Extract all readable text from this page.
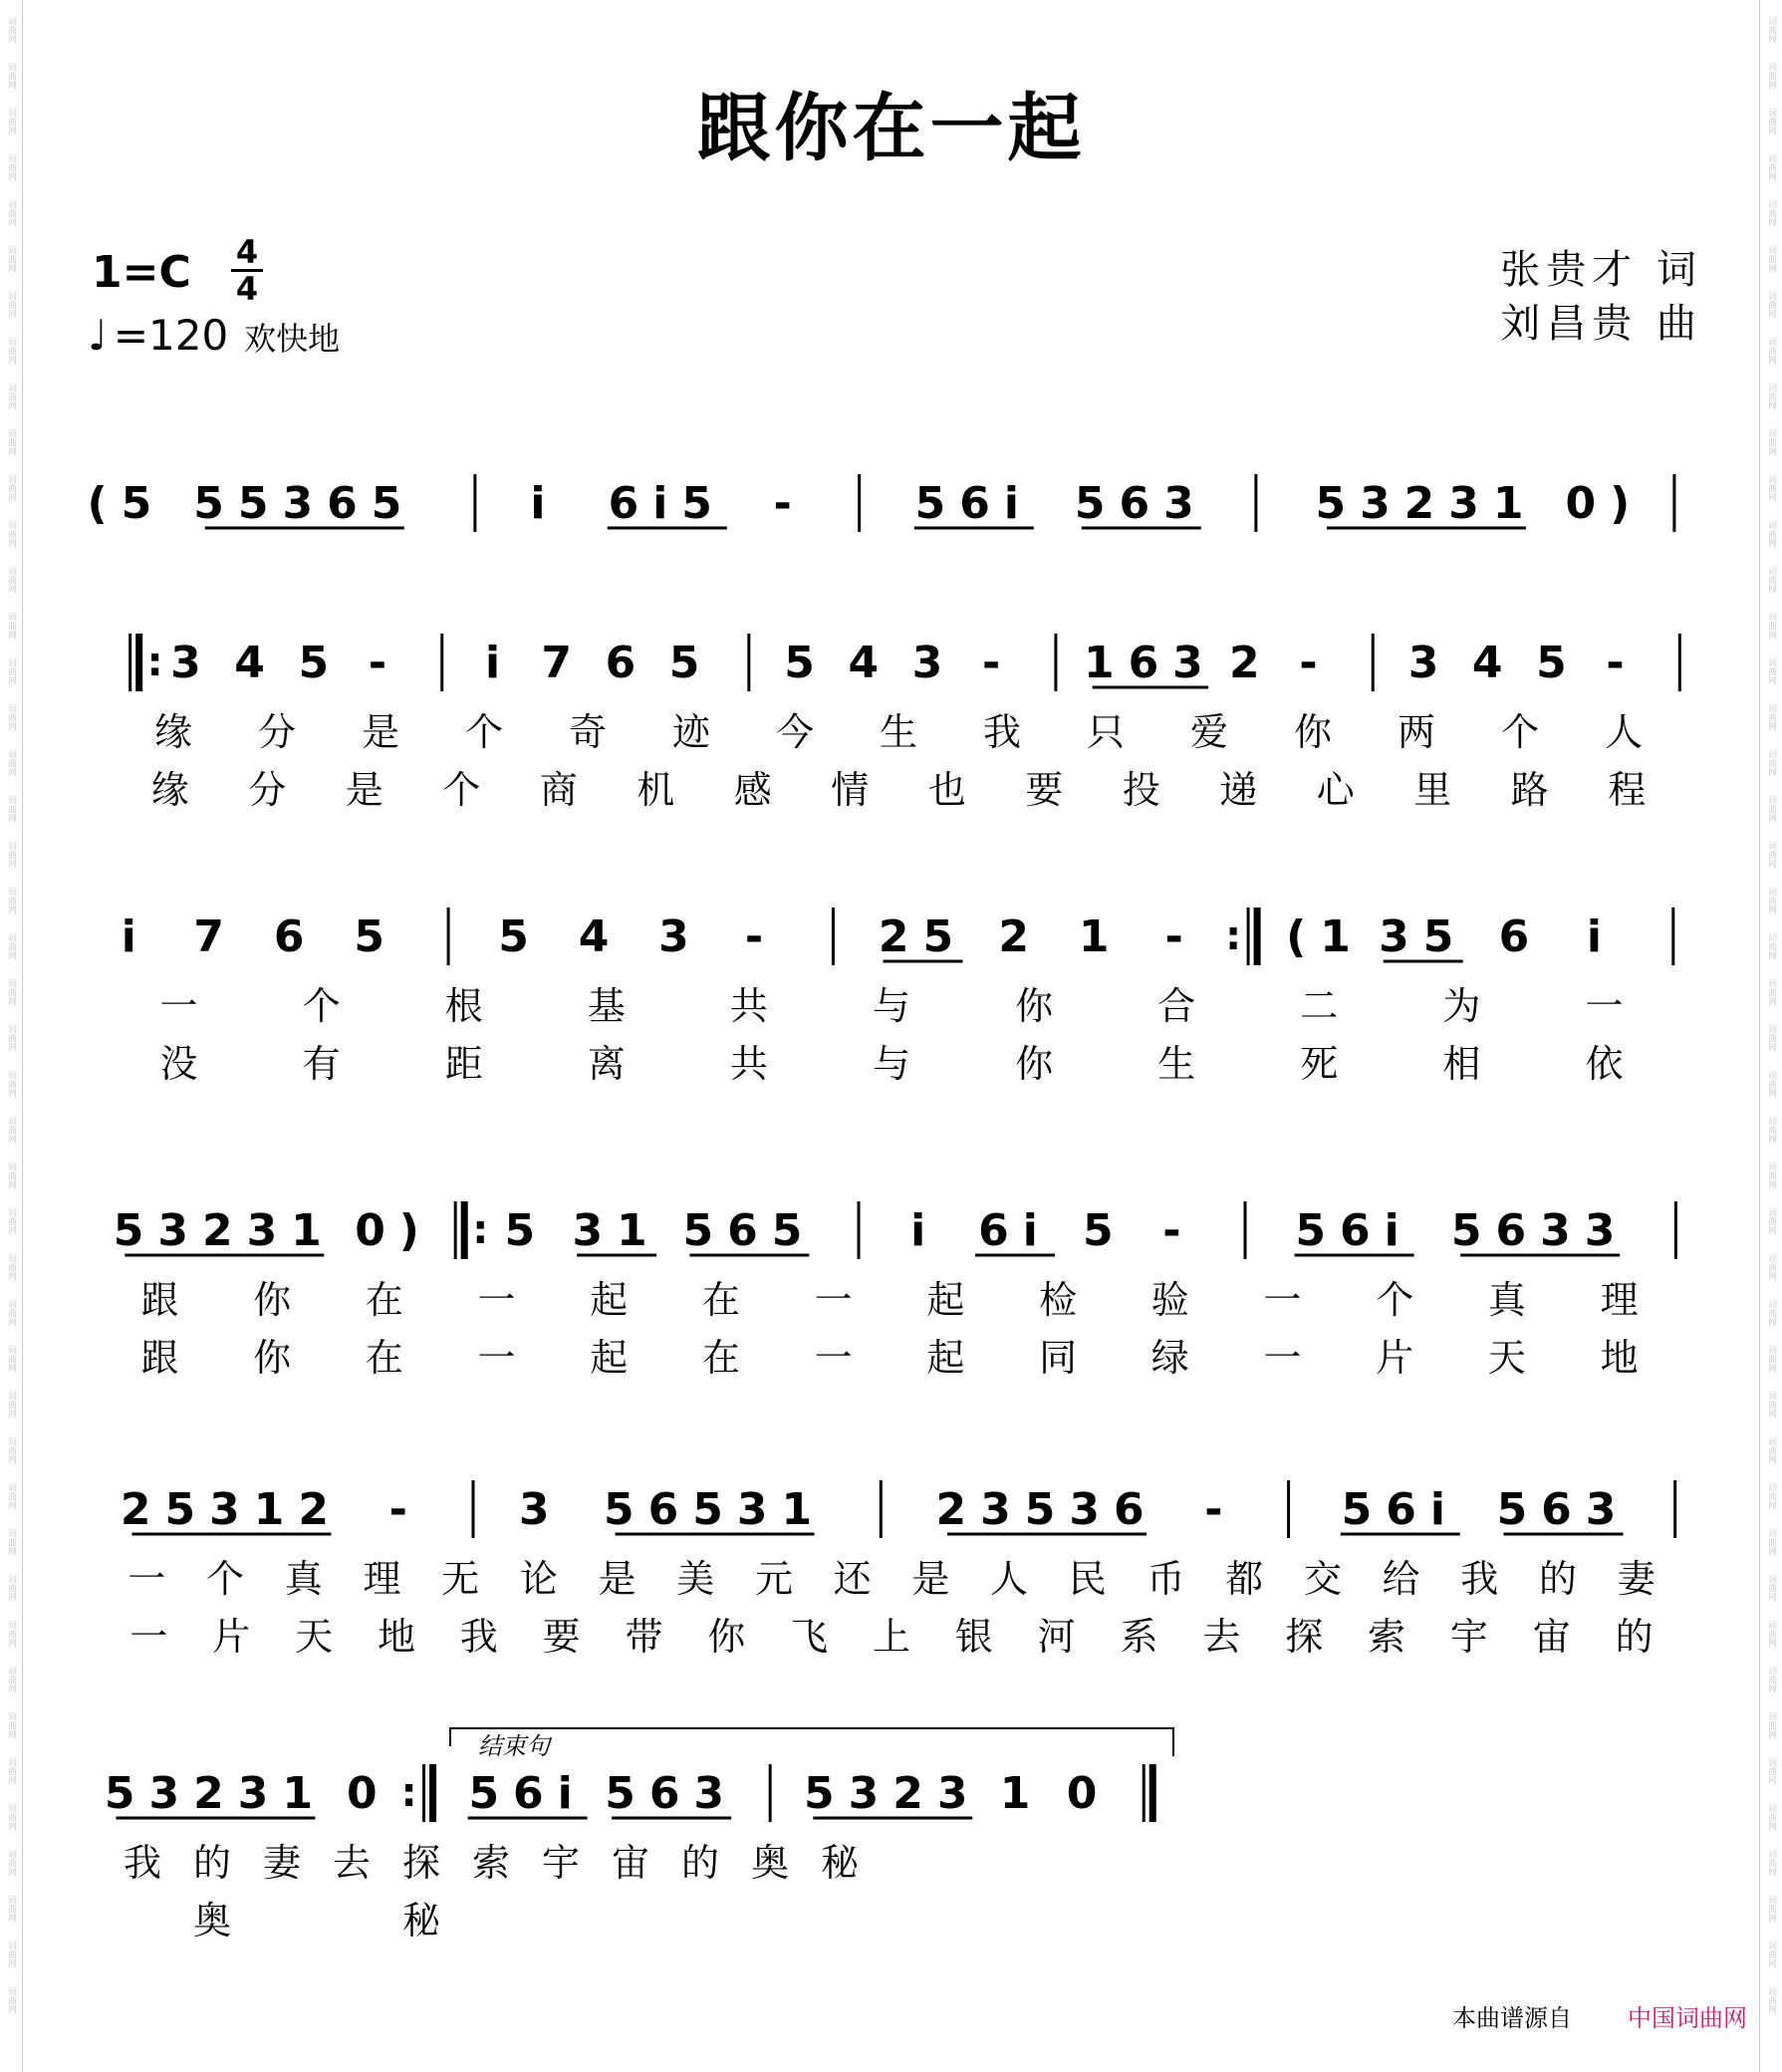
跟你在一起
1=C 4
4
♩ =120 欢快地
张贵才 词
刘昌贵 曲
(5 55365	i 6i5 - 56i 563 53231 0)
: 3 4 5 - i 7 6 5 5 4 3 - 163 2 - 3 4 5 -
缘 分 是 个 奇 迹 今 生 我 只 爱 你 两 个 人
缘 分 是 个 商 机 感 情 也 要 投 递 心 里 路 程
i 7 6 5 5 4 3 - 25 2 1 - : (1 35 6 i
一	个	根	基	共	与	你	合	二	为	一
没	有	距	离	共	与	你	生	死	相	依
53231 0) : 5 31 565 i 6i 5 - 56i 5633
跟 你 在 一 起 在 一 起 检 验 一 个 真 理
跟 你 在 一 起 在 一 起 同 绿 一 片 天 地
25312 - 3 56531	23536 - 56i 563
一 个 真 理 无 论 是 美 元 还 是 人 民 币 都 交 给 我 的 妻
一 片 天 地 我 要 带 你 飞 上 银 河 系 去 探 索 宇 宙 的
53231 0 : 56i 563 5323 1 0
结束句
我 的 妻 去 探 索 宇 宙 的 奥 秘
奥	秘
词曲网	词曲网
词曲网	词曲网
词曲网	词曲网
词曲网	词曲网
词曲网	词曲网
词曲网	词曲网
词曲网	词曲网
词曲网	词曲网
词曲网	词曲网
词曲网	词曲网
词曲网	词曲网
词曲网	词曲网
词曲网	词曲网
词曲网	词曲网
词曲网	词曲网
词曲网	词曲网
词曲网	词曲网
词曲网	词曲网
词曲网	词曲网
词曲网	词曲网
词曲网	词曲网
词曲网	词曲网
词曲网	词曲网
词曲网	词曲网
词曲网	词曲网
词曲网	词曲网
词曲网	词曲网
词曲网	词曲网
词曲网	词曲网
词曲网	词曲网
词曲网	词曲网
词曲网	词曲网
词曲网	词曲网
词曲网	词曲网
词曲网	词曲网
词曲网	词曲网
词曲网	词曲网
词曲网	词曲网
词曲网	词曲网
词曲网	词曲网
词曲网	词曲网
词曲网	词曲网
词曲网	词曲网
词曲网	词曲网
本曲谱源自 中国词曲网
